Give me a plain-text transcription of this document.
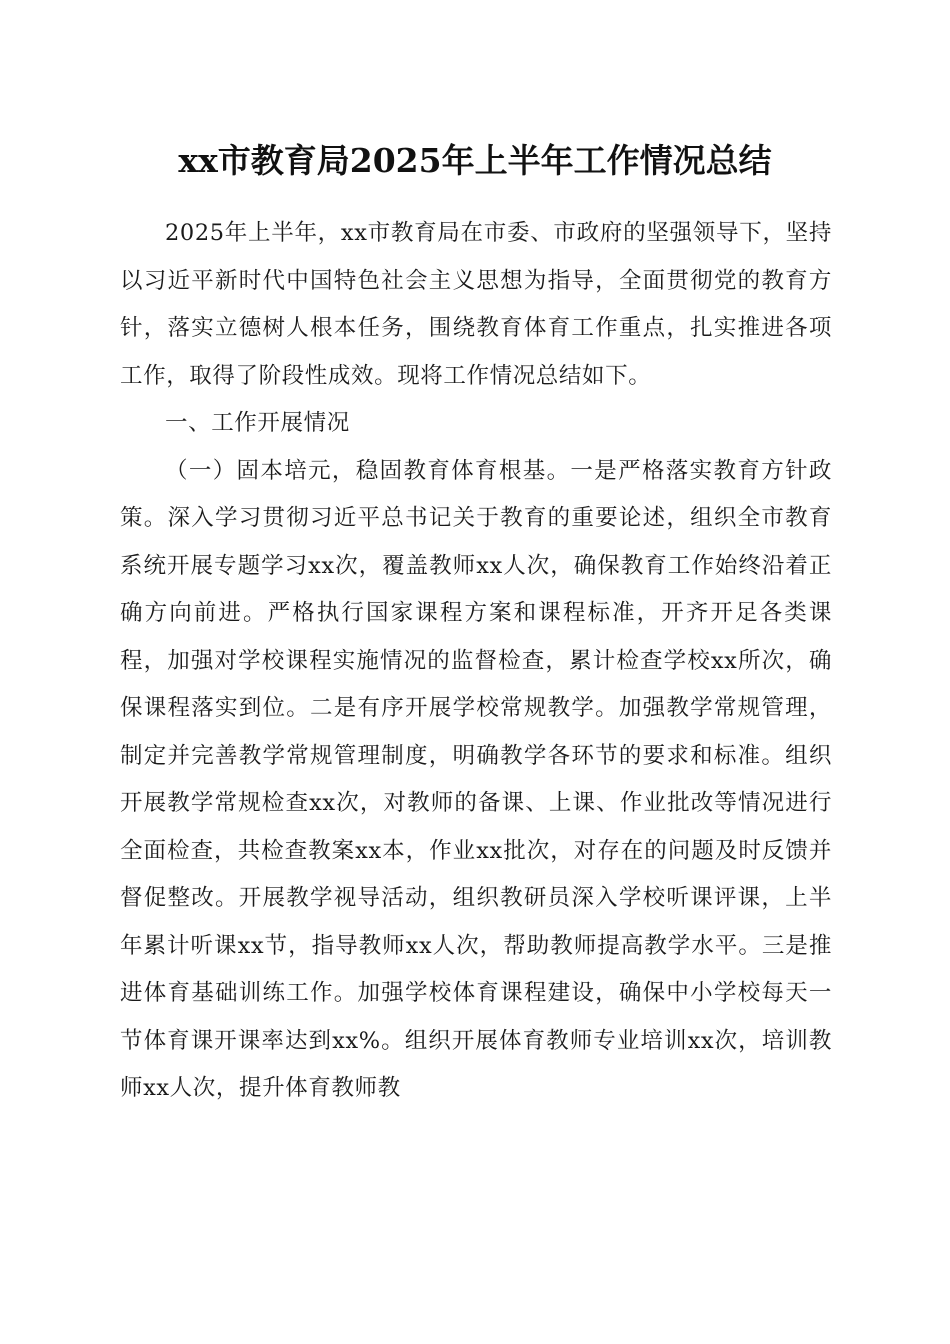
xx市教育局2025年上半年工作情况总结

2025年上半年，xx市教育局在市委、市政府的坚强领导下，坚持以习近平新时代中国特色社会主义思想为指导，全面贯彻党的教育方针，落实立德树人根本任务，围绕教育体育工作重点，扎实推进各项工作，取得了阶段性成效。现将工作情况总结如下。

一、工作开展情况

（一）固本培元，稳固教育体育根基。一是严格落实教育方针政策。深入学习贯彻习近平总书记关于教育的重要论述，组织全市教育系统开展专题学习xx次，覆盖教师xx人次，确保教育工作始终沿着正确方向前进。严格执行国家课程方案和课程标准，开齐开足各类课程，加强对学校课程实施情况的监督检查，累计检查学校xx所次，确保课程落实到位。二是有序开展学校常规教学。加强教学常规管理，制定并完善教学常规管理制度，明确教学各环节的要求和标准。组织开展教学常规检查xx次，对教师的备课、上课、作业批改等情况进行全面检查，共检查教案xx本，作业xx批次，对存在的问题及时反馈并督促整改。开展教学视导活动，组织教研员深入学校听课评课，上半年累计听课xx节，指导教师xx人次，帮助教师提高教学水平。三是推进体育基础训练工作。加强学校体育课程建设，确保中小学校每天一节体育课开课率达到xx%。组织开展体育教师专业培训xx次，培训教师xx人次，提升体育教师教
